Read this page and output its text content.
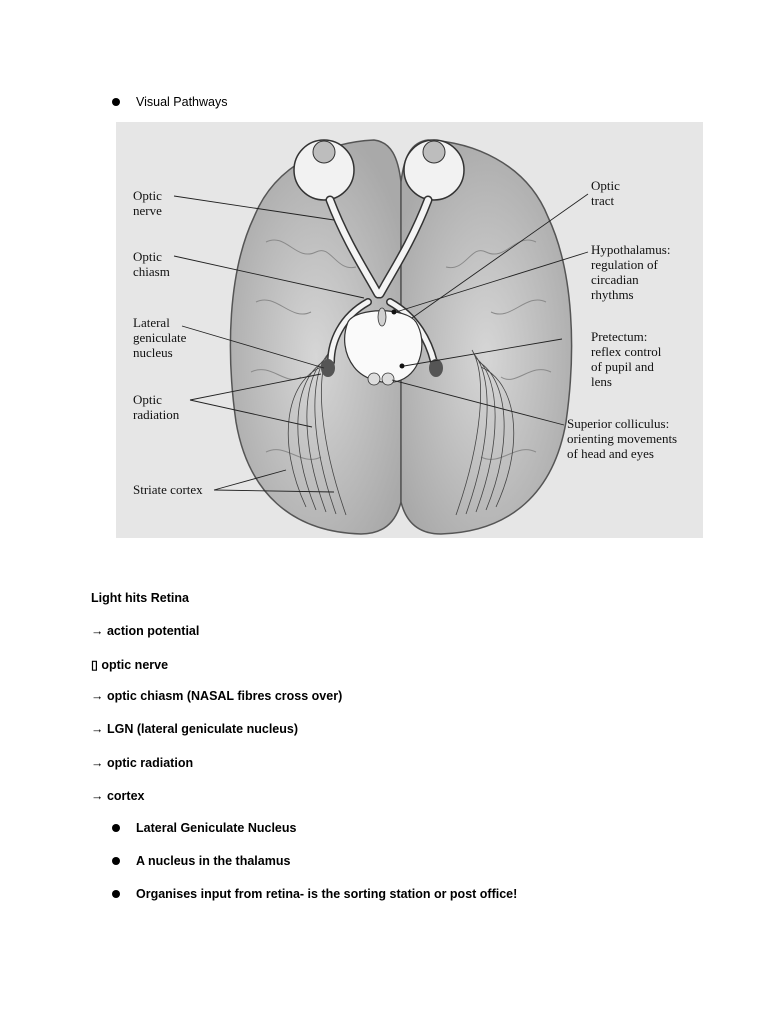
Visual Pathways
Optic nerve
Optic chiasm
Lateral geniculate nucleus
Optic radiation
Striate cortex
Optic tract
Hypothalamus: regulation of circadian rhythms
Pretectum: reflex control of pupil and lens
Superior colliculus: orienting movements of head and eyes
Light hits Retina
→ action potential
▯ optic nerve
→ optic chiasm (NASAL fibres cross over)
→ LGN (lateral geniculate nucleus)
→ optic radiation
→ cortex
Lateral Geniculate Nucleus
A nucleus in the thalamus
Organises input from retina- is the sorting station or post office!
